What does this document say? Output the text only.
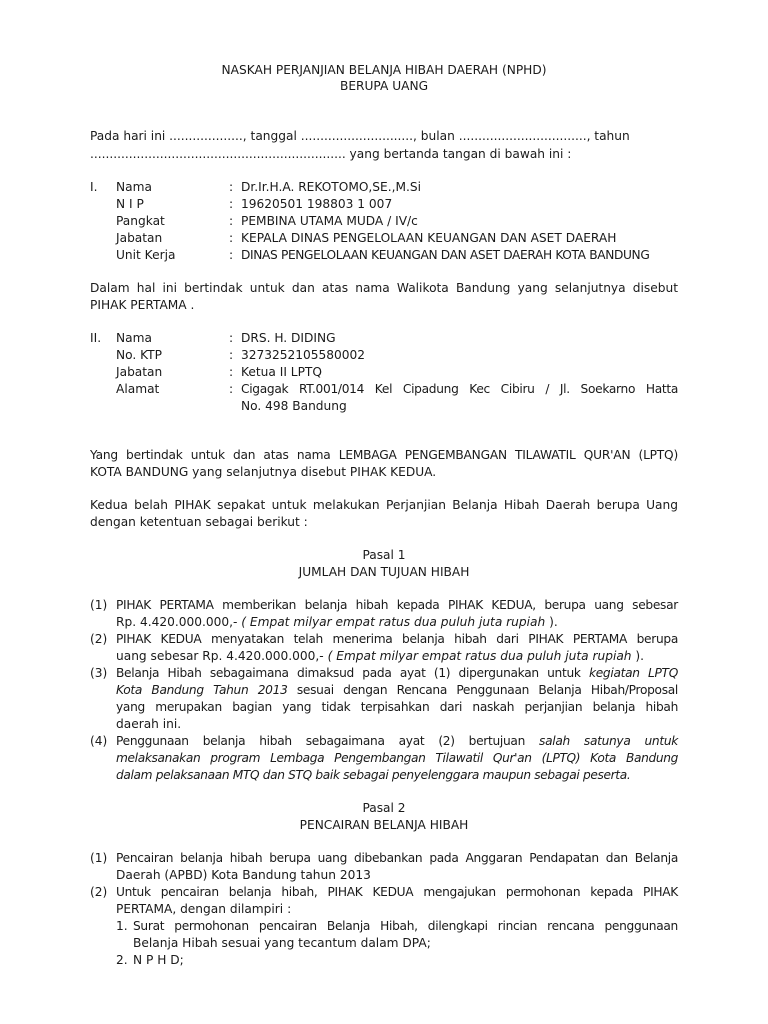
NASKAH PERJANJIAN BELANJA HIBAH DAERAH (NPHD)
BERUPA UANG
Pada hari ini ..................., tanggal ............................., bulan ................................., tahun
.................................................................. yang bertanda tangan di bawah ini :
I. Nama	: Dr.Ir.H.A. REKOTOMO,SE.,M.Si
N I P	: 19620501 198803 1 007
Pangkat	: PEMBINA UTAMA MUDA / IV/c
Jabatan	: KEPALA DINAS PENGELOLAAN KEUANGAN DAN ASET DAERAH
Unit Kerja	: DINAS PENGELOLAAN KEUANGAN DAN ASET DAERAH KOTA BANDUNG
Dalam hal ini bertindak untuk dan atas nama Walikota Bandung yang selanjutnya disebut
PIHAK PERTAMA .
II. Nama	: DRS. H. DIDING
No. KTP	: 3273252105580002
Jabatan	: Ketua II LPTQ
Alamat	: Cigagak RT.001/014 Kel Cipadung Kec Cibiru / Jl. Soekarno Hatta
No. 498 Bandung
Yang bertindak untuk dan atas nama LEMBAGA PENGEMBANGAN TILAWATIL QUR'AN (LPTQ)
KOTA BANDUNG yang selanjutnya disebut PIHAK KEDUA.
Kedua belah PIHAK sepakat untuk melakukan Perjanjian Belanja Hibah Daerah berupa Uang
dengan ketentuan sebagai berikut :
Pasal 1
JUMLAH DAN TUJUAN HIBAH
(1) PIHAK PERTAMA memberikan belanja hibah kepada PIHAK KEDUA, berupa uang sebesar
Rp. 4.420.000.000,- ( Empat milyar empat ratus dua puluh juta rupiah ).
(2) PIHAK KEDUA menyatakan telah menerima belanja hibah dari PIHAK PERTAMA berupa
uang sebesar Rp. 4.420.000.000,- ( Empat milyar empat ratus dua puluh juta rupiah ).
(3) Belanja Hibah sebagaimana dimaksud pada ayat (1) dipergunakan untuk kegiatan LPTQ
Kota Bandung Tahun 2013 sesuai dengan Rencana Penggunaan Belanja Hibah/Proposal
yang merupakan bagian yang tidak terpisahkan dari naskah perjanjian belanja hibah
daerah ini.
(4) Penggunaan belanja hibah sebagaimana ayat (2) bertujuan salah satunya untuk
melaksanakan program Lembaga Pengembangan Tilawatil Qur'an (LPTQ) Kota Bandung
dalam pelaksanaan MTQ dan STQ baik sebagai penyelenggara maupun sebagai peserta.
Pasal 2
PENCAIRAN BELANJA HIBAH
(1) Pencairan belanja hibah berupa uang dibebankan pada Anggaran Pendapatan dan Belanja
Daerah (APBD) Kota Bandung tahun 2013
(2) Untuk pencairan belanja hibah, PIHAK KEDUA mengajukan permohonan kepada PIHAK
PERTAMA, dengan dilampiri :
1. Surat permohonan pencairan Belanja Hibah, dilengkapi rincian rencana penggunaan
Belanja Hibah sesuai yang tecantum dalam DPA;
2. N P H D;
